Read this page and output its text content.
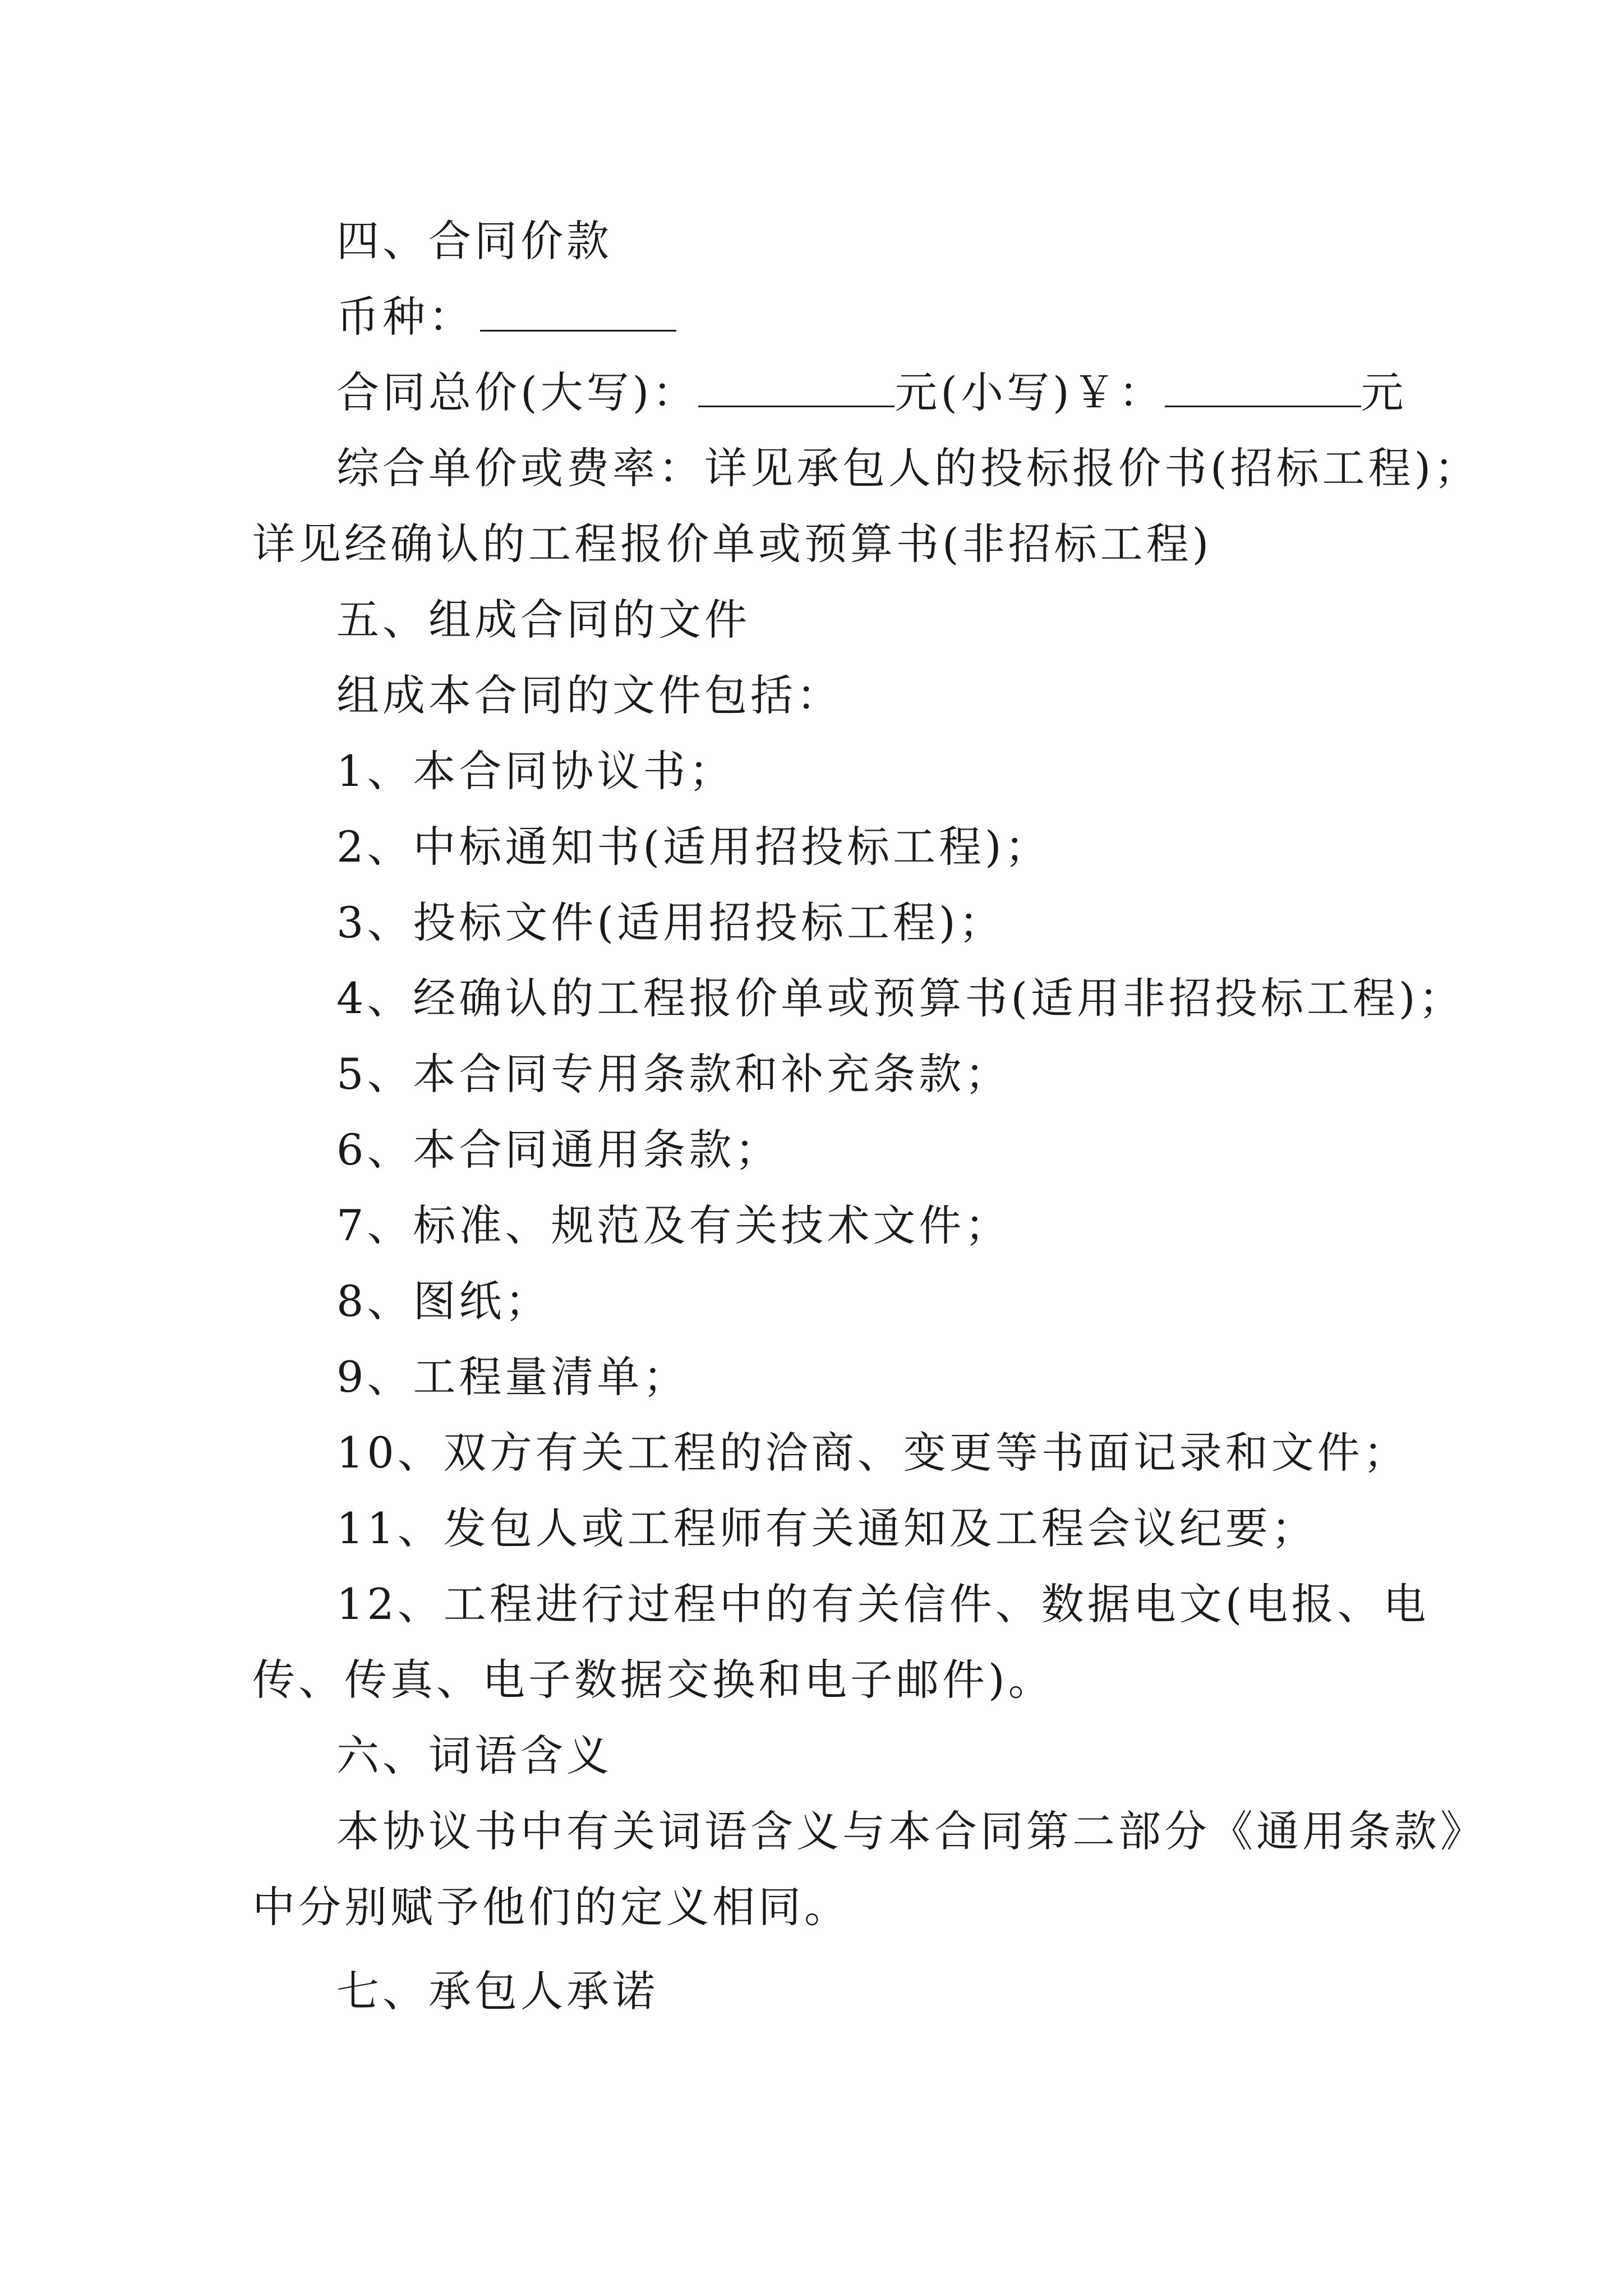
四、合同价款
币种：
合同总价(大写)：	元(小写)￥：	元
综合单价或费率：详见承包人的投标报价书(招标工程)；
详见经确认的工程报价单或预算书(非招标工程)
五、组成合同的文件
组成本合同的文件包括：
1、本合同协议书；
2、中标通知书(适用招投标工程)；
3、投标文件(适用招投标工程)；
4、经确认的工程报价单或预算书(适用非招投标工程)；
5、本合同专用条款和补充条款；
6、本合同通用条款；
7、标准、规范及有关技术文件；
8、图纸；
9、工程量清单；
10、双方有关工程的洽商、变更等书面记录和文件；
11、发包人或工程师有关通知及工程会议纪要；
12、工程进行过程中的有关信件、数据电文(电报、电
传、传真、电子数据交换和电子邮件)。
六、词语含义
本协议书中有关词语含义与本合同第二部分《通用条款》
中分别赋予他们的定义相同。
七、承包人承诺
